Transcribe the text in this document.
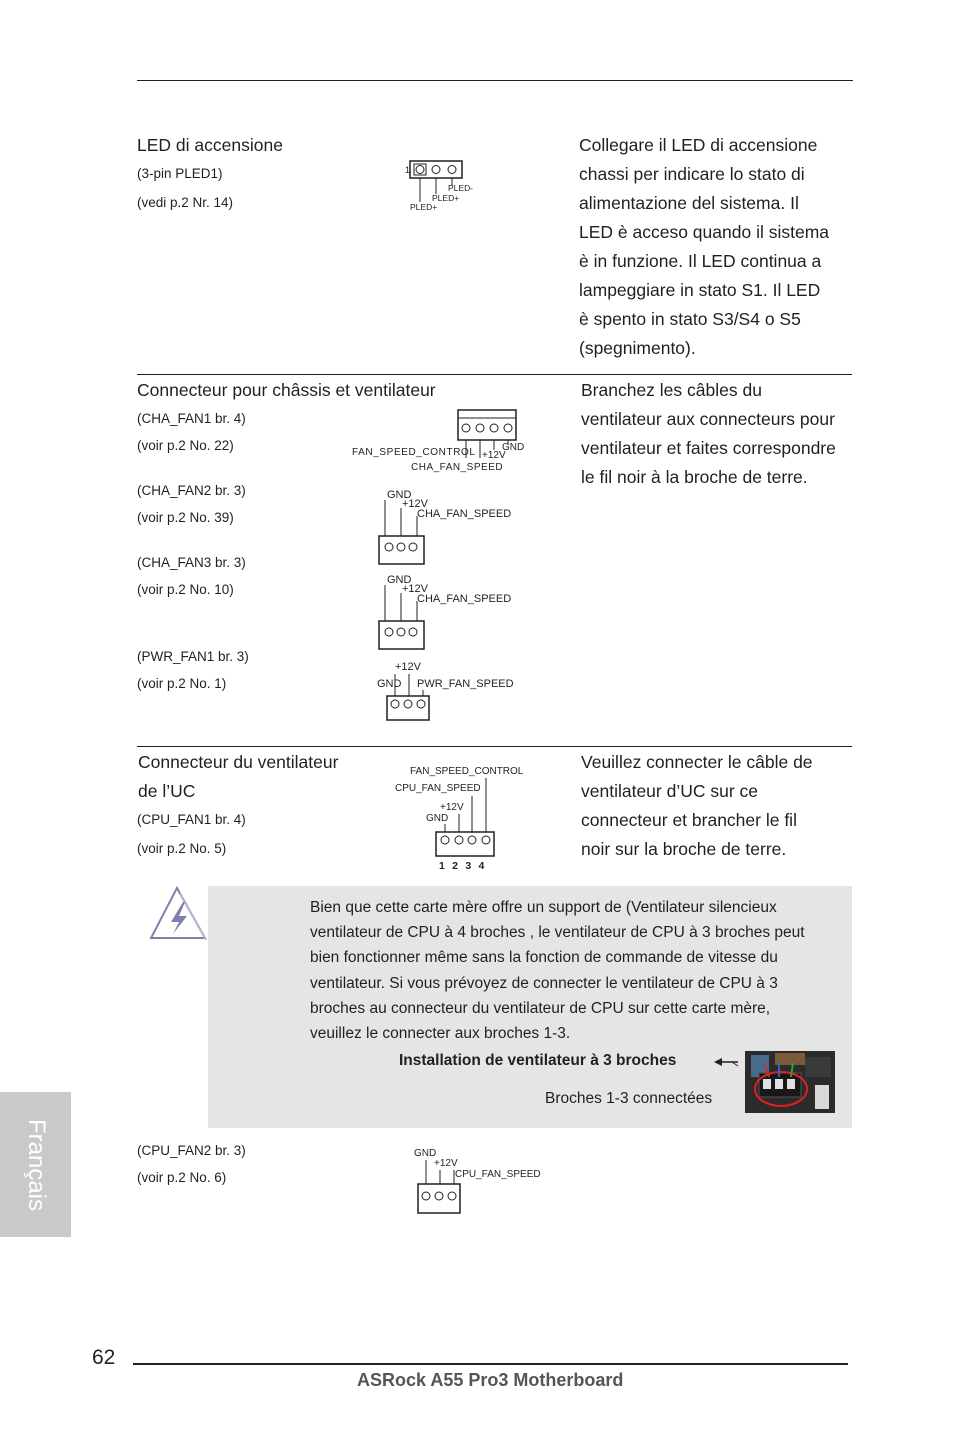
LED di accensione
(3-pin PLED1)
(vedi p.2 Nr. 14)
1
PLED-
PLED+
PLED+
Collegare il LED di accensione
chassi per indicare lo stato di
alimentazione del sistema. Il
LED è acceso quando il sistema
è in funzione. Il LED continua a
lampeggiare in stato S1. Il LED
è spento in stato S3/S4 o S5
(spegnimento).
Connecteur pour châssis et ventilateur
(CHA_FAN1 br. 4)
(voir p.2 No. 22)	FAN_SPEED_CONTROL +12V
GND
CHA_FAN_SPEED
(CHA_FAN2 br. 3)
(voir p.2 No. 39)
GND
+12V
CHA_FAN_SPEED
(CHA_FAN3 br. 3)
(voir p.2 No. 10)
GND
+12V
CHA_FAN_SPEED
(PWR_FAN1 br. 3)
(voir p.2 No. 1)
+12V
GND PWR_FAN_SPEED
Branchez les câbles du
ventilateur aux connecteurs pour
ventilateur et faites correspondre
le fil noir à la broche de terre.
Connecteur du ventilateur
de l’UC
(CPU_FAN1 br. 4)
(voir p.2 No. 5)
FAN_SPEED_CONTROL
CPU_FAN_SPEED
+12V
GND
1 2 3 4
Veuillez connecter le câble de
ventilateur d’UC sur ce
connecteur et brancher le fil
noir sur la broche de terre.
Bien que cette carte mère offre un support de (Ventilateur silencieux
ventilateur de CPU à 4 broches , le ventilateur de CPU à 3 broches peut
bien fonctionner même sans la fonction de commande de vitesse du
ventilateur. Si vous prévoyez de connecter le ventilateur de CPU à 3
broches au connecteur du ventilateur de CPU sur cette carte mère,
veuillez le connecter aux broches 1-3.
Installation de ventilateur à 3 broches
Broches 1-3 connectées
(CPU_FAN2 br. 3)
(voir p.2 No. 6)
GND
+12V
CPU_FAN_SPEED
Français
62
ASRock A55 Pro3 Motherboard
